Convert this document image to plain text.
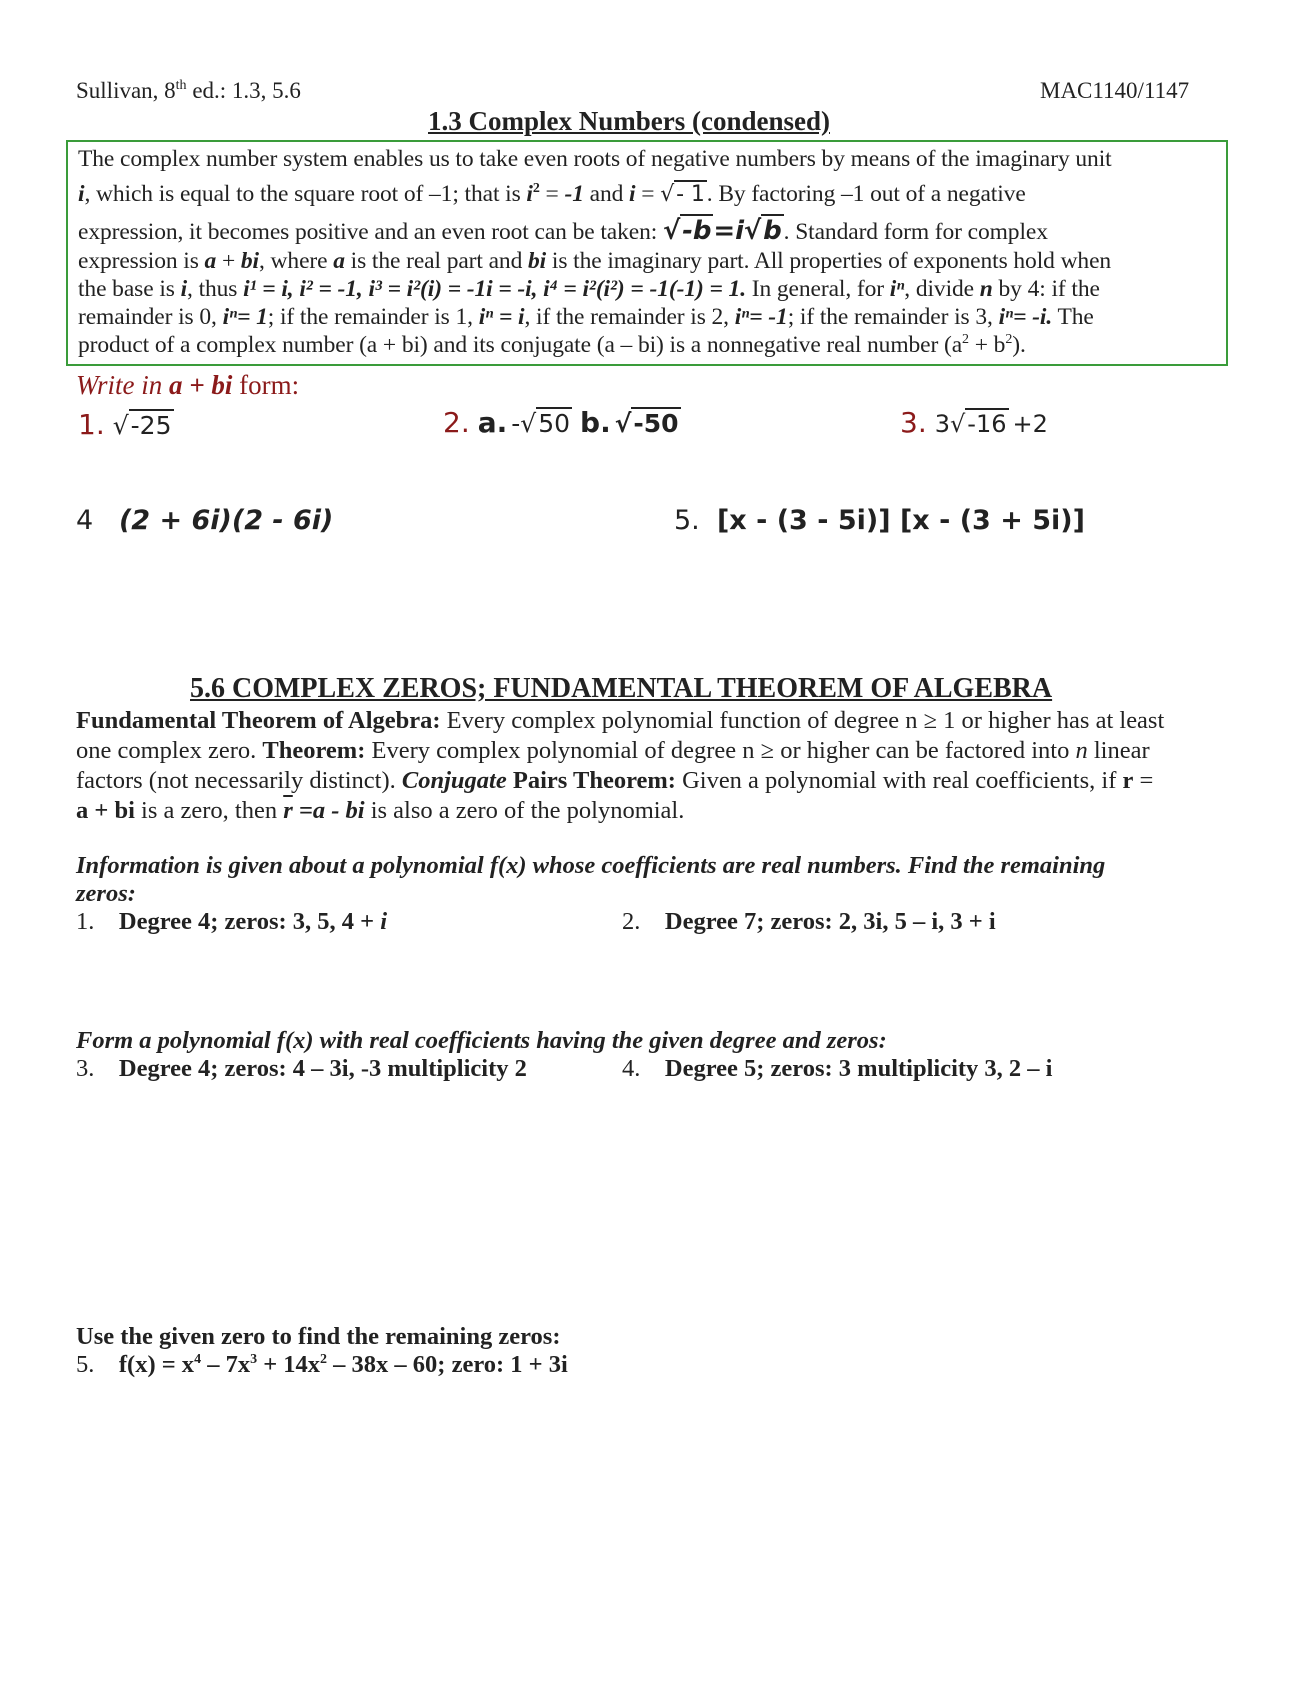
Sullivan, 8th ed.: 1.3, 5.6	MAC1140/1147
1.3 Complex Numbers (condensed)
The complex number system enables us to take even roots of negative numbers by means of the imaginary unit
i, which is equal to the square root of –1; that is $i^2 = -1$ and i = √- 1. By factoring –1 out of a negative
expression, it becomes positive and an even root can be taken: √-b=i√b. Standard form for complex
expression is a + bi, where a is the real part and bi is the imaginary part. All properties of exponents hold when
the base is i, thus i¹ = i, i² = -1, i³ = i²(i) = -1i = -i, i⁴ = i²(i²) = -1(-1) = 1. In general, for iⁿ, divide n by 4: if the
remainder is 0, iⁿ= 1; if the remainder is 1, iⁿ = i, if the remainder is 2, iⁿ= -1; if the remainder is 3, iⁿ= -i. The
product of a complex number (a + bi) and its conjugate (a – bi) is a nonnegative real number $(a^2 + b^2)$.
Write in a + bi form:
1. √-25	2. a. -√50 b. √-50	3. 3√-16 +2
4 (2 + 6i)(2 - 6i)	5. [x - (3 - 5i)] [x - (3 + 5i)]
5.6 COMPLEX ZEROS; FUNDAMENTAL THEOREM OF ALGEBRA
Fundamental Theorem of Algebra: Every complex polynomial function of degree n ≥ 1 or higher has at least
one complex zero. Theorem: Every complex polynomial of degree n ≥ or higher can be factored into n linear
factors (not necessarily distinct). Conjugate Pairs Theorem: Given a polynomial with real coefficients, if r =
a + bi is a zero, then $\overline{r} =a$ - bi is also a zero of the polynomial.
Information is given about a polynomial f(x) whose coefficients are real numbers. Find the remaining
zeros:
1. Degree 4; zeros: 3, 5, 4 + i	2. Degree 7; zeros: 2, 3i, 5 – i, 3 + i
Form a polynomial f(x) with real coefficients having the given degree and zeros:
3. Degree 4; zeros: 4 – 3i, -3 multiplicity 2	4. Degree 5; zeros: 3 multiplicity 3, 2 – i
Use the given zero to find the remaining zeros:
5. $f(x) = x^4 - 7x^3 + 14x^2 - 38x - 60$; zero: 1 + 3i
